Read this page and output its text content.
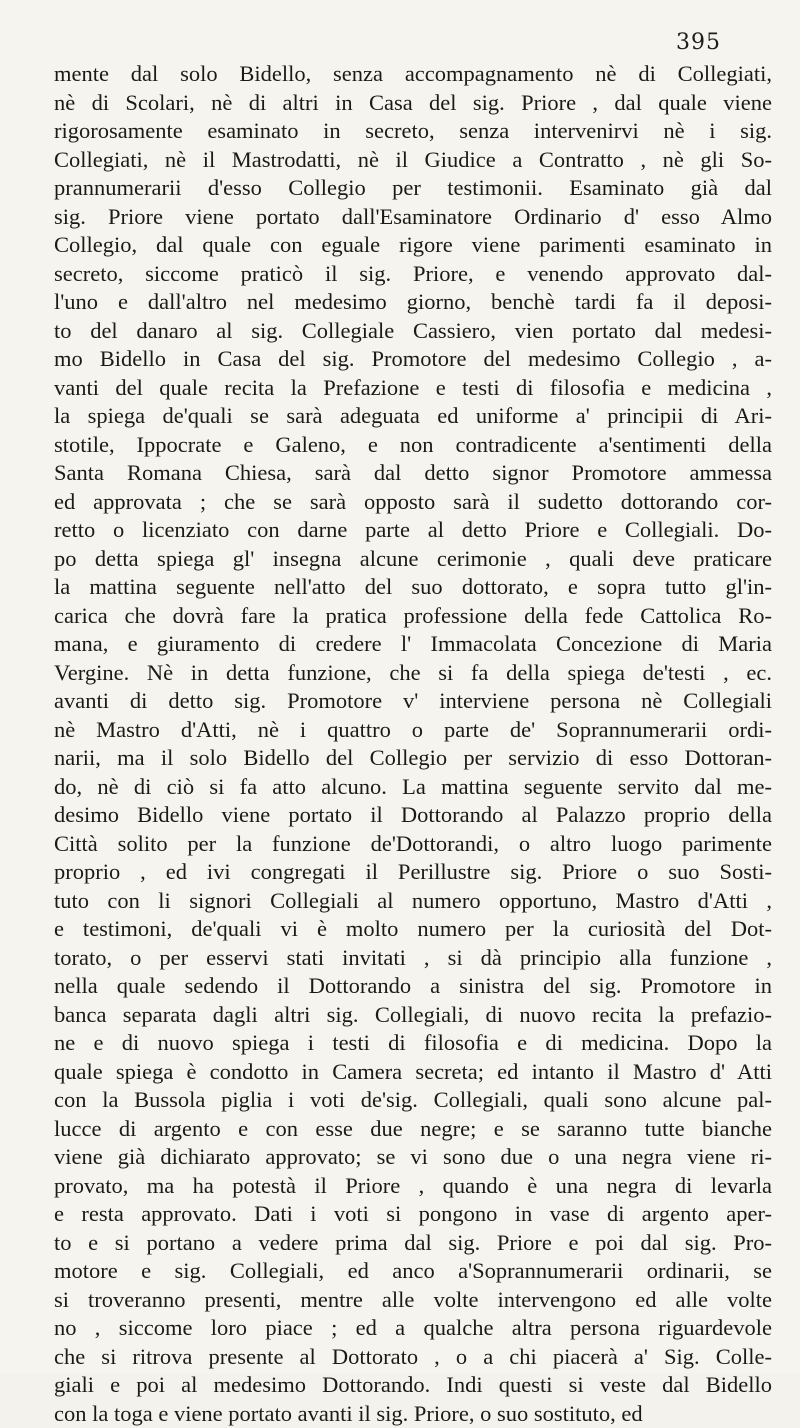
395
mente dal solo Bidello, senza accompagnamento nè di Collegiati,
nè di Scolari, nè di altri in Casa del sig. Priore , dal quale viene
rigorosamente esaminato in secreto, senza intervenirvi nè i sig.
Collegiati, nè il Mastrodatti, nè il Giudice a Contratto , nè gli So-
prannumerarii d'esso Collegio per testimonii. Esaminato già dal
sig. Priore viene portato dall'Esaminatore Ordinario d' esso Almo
Collegio, dal quale con eguale rigore viene parimenti esaminato in
secreto, siccome praticò il sig. Priore, e venendo approvato dal-
l'uno e dall'altro nel medesimo giorno, benchè tardi fa il deposi-
to del danaro al sig. Collegiale Cassiero, vien portato dal medesi-
mo Bidello in Casa del sig. Promotore del medesimo Collegio , a-
vanti del quale recita la Prefazione e testi di filosofia e medicina ,
la spiega de'quali se sarà adeguata ed uniforme a' principii di Ari-
stotile, Ippocrate e Galeno, e non contradicente a'sentimenti della
Santa Romana Chiesa, sarà dal detto signor Promotore ammessa
ed approvata ; che se sarà opposto sarà il sudetto dottorando cor-
retto o licenziato con darne parte al detto Priore e Collegiali. Do-
po detta spiega gl' insegna alcune cerimonie , quali deve praticare
la mattina seguente nell'atto del suo dottorato, e sopra tutto gl'in-
carica che dovrà fare la pratica professione della fede Cattolica Ro-
mana, e giuramento di credere l' Immacolata Concezione di Maria
Vergine. Nè in detta funzione, che si fa della spiega de'testi , ec.
avanti di detto sig. Promotore v' interviene persona nè Collegiali
nè Mastro d'Atti, nè i quattro o parte de' Soprannumerarii ordi-
narii, ma il solo Bidello del Collegio per servizio di esso Dottoran-
do, nè di ciò si fa atto alcuno. La mattina seguente servito dal me-
desimo Bidello viene portato il Dottorando al Palazzo proprio della
Città solito per la funzione de'Dottorandi, o altro luogo parimente
proprio , ed ivi congregati il Perillustre sig. Priore o suo Sosti-
tuto con li signori Collegiali al numero opportuno, Mastro d'Atti ,
e testimoni, de'quali vi è molto numero per la curiosità del Dot-
torato, o per esservi stati invitati , si dà principio alla funzione ,
nella quale sedendo il Dottorando a sinistra del sig. Promotore in
banca separata dagli altri sig. Collegiali, di nuovo recita la prefazio-
ne e di nuovo spiega i testi di filosofia e di medicina. Dopo la
quale spiega è condotto in Camera secreta; ed intanto il Mastro d' Atti
con la Bussola piglia i voti de'sig. Collegiali, quali sono alcune pal-
lucce di argento e con esse due negre; e se saranno tutte bianche
viene già dichiarato approvato; se vi sono due o una negra viene ri-
provato, ma ha potestà il Priore , quando è una negra di levarla
e resta approvato. Dati i voti si pongono in vase di argento aper-
to e si portano a vedere prima dal sig. Priore e poi dal sig. Pro-
motore e sig. Collegiali, ed anco a'Soprannumerarii ordinarii, se
si troveranno presenti, mentre alle volte intervengono ed alle volte
no , siccome loro piace ; ed a qualche altra persona riguardevole
che si ritrova presente al Dottorato , o a chi piacerà a' Sig. Colle-
giali e poi al medesimo Dottorando. Indi questi si veste dal Bidello
con la toga e viene portato avanti il sig. Priore, o suo sostituto, ed
